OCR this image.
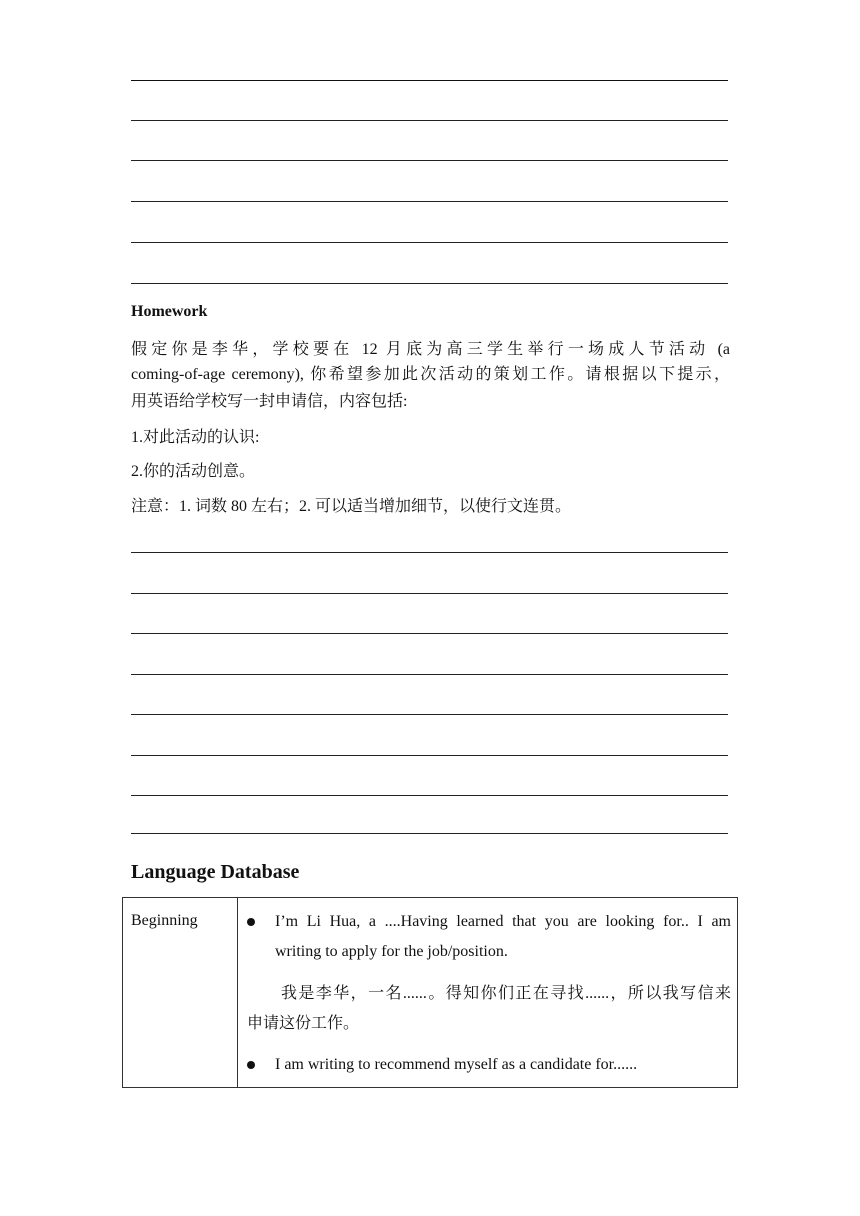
Homework
假定你是李华，学校要在 12 月底为高三学生举行一场成人节活动 (a
coming-of-age ceremony), 你希望参加此次活动的策划工作。请根据以下提示，
用英语给学校写一封申请信，内容包括:
1.对此活动的认识:
2.你的活动创意。
注意：1. 词数 80 左右；2. 可以适当增加细节，以使行文连贯。
Language Database
Beginning	I’m Li Hua, a ....Having learned that you are looking for.. I am
writing to apply for the job/position.
我是李华，一名......。得知你们正在寻找......，所以我写信来
申请这份工作。
I am writing to recommend myself as a candidate for......
